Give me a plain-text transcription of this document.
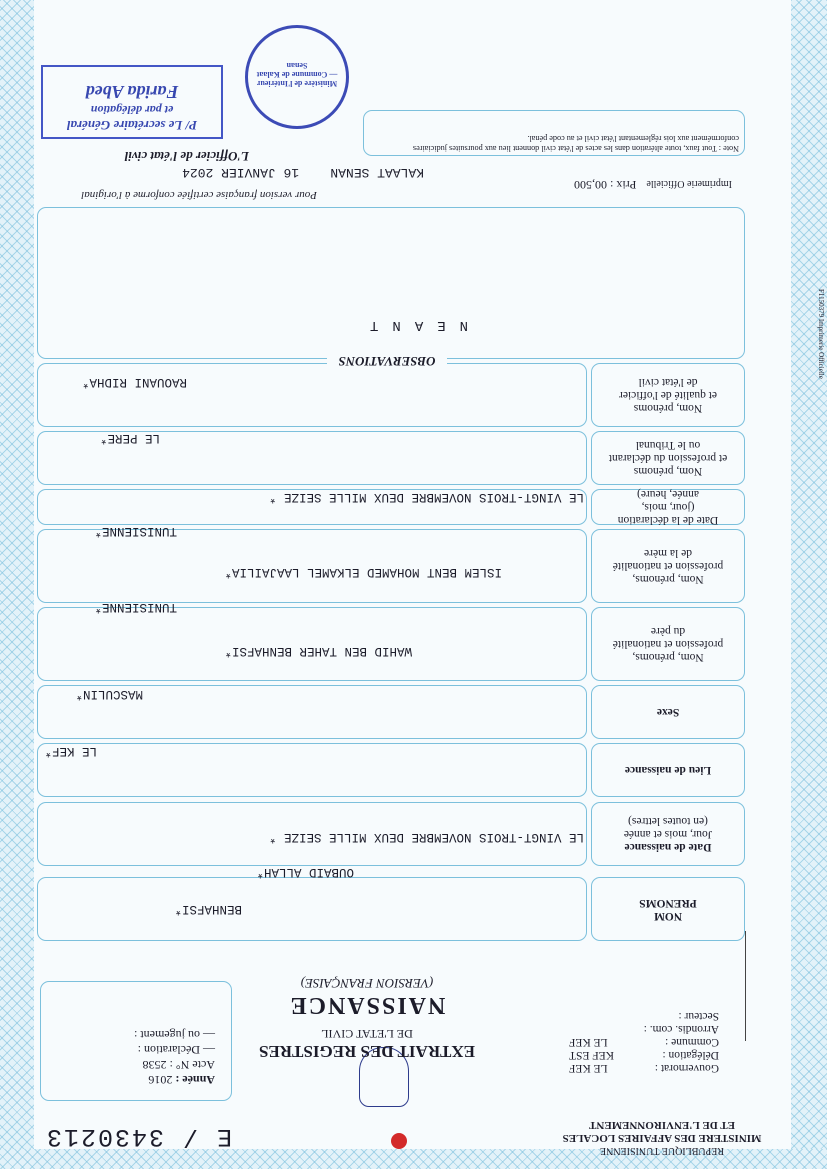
REPUBLIQUE TUNISIENNE
MINISTERE DES AFFAIRES LOCALES
ET DE L'ENVIRONNEMENT
Gouvernorat :
LE KEF
Délégation :
KEF EST
Commune :
LE KEF
Arrondis. com. :
Secteur :
EXTRAIT DES REGISTRES
DE L'ETAT CIVIL
NAISSANCE
(VERSION FRANÇAISE)
E / 3430213
Année : 2016
Acte N° : 2538
— Déclaration :
— ou jugement :
NOM
PRENOMS
BENHAFSI*
OUBAID ALLAH*
Date de naissance
Jour, mois et année
(en toutes lettres)
LE VINGT-TROIS NOVEMBRE DEUX MILLE SEIZE *
Lieu de naissance
LE KEF*
Sexe
MASCULIN*
Nom, prénoms,
profession et nationalité
du père
WAHID BEN TAHER BENHAFSI*
TUNISIENNE*
Nom, prénoms,
profession et nationalité
de la mère
ISLEM BENT MOHAMED ELKAMEL LAAJAILIA*
TUNISIENNE*
Date de la déclaration
(jour, mois,
année, heure)
LE VINGT-TROIS NOVEMBRE DEUX MILLE SEIZE *
Nom, prénoms
et profession du déclarant
ou le Tribunal
LE PERE*
Nom, prénoms
et qualité de l'officier
de l'état civil
RAOUANI RIDHA*
OBSERVATIONS
NEANT	F1150379 Imprimerie Officielle
Imprimerie Officielle    Prix : 00,500
Pour version française certifiée conforme à l'original
KALAAT SENAN    16 JANVIER 2024
L'Officier de l'état civil
Note : Tout faux, toute altération dans les actes de l'état civil donnent lieu aux poursuites judiciaires conformément aux lois réglementant l'état civil et au code pénal.
Ministère de l'Intérieur — Commune de Kalaat Senan
P/ Le secrétaire Général
et par délégation
Farida Abed
